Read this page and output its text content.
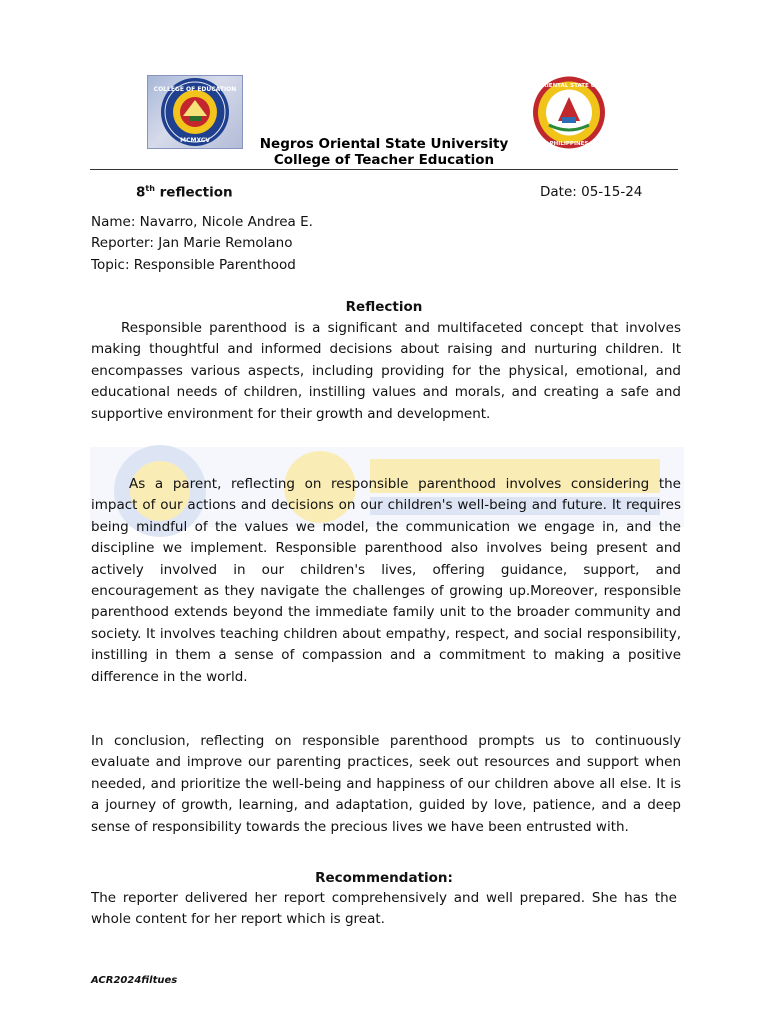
COLLEGE OF EDUCATION
MCMXCV
NEGROS ORIENTAL STATE UNIVERSITY
PHILIPPINES
Negros Oriental State University
College of Teacher Education
8th reflection	Date: 05-15-24
Name: Navarro, Nicole Andrea E.
Reporter: Jan Marie Remolano
Topic: Responsible Parenthood
Reflection

Responsible parenthood is a significant and multifaceted concept that involves making thoughtful and informed decisions about raising and nurturing children. It encompasses various aspects, including providing for the physical, emotional, and educational needs of children, instilling values and morals, and creating a safe and supportive environment for their growth and development.

As a parent, reflecting on responsible parenthood involves considering the impact of our actions and decisions on our children's well-being and future. It requires being mindful of the values we model, the communication we engage in, and the discipline we implement. Responsible parenthood also involves being present and actively involved in our children's lives, offering guidance, support, and encouragement as they navigate the challenges of growing up.Moreover, responsible parenthood extends beyond the immediate family unit to the broader community and society. It involves teaching children about empathy, respect, and social responsibility, instilling in them a sense of compassion and a commitment to making a positive difference in the world.

In conclusion, reflecting on responsible parenthood prompts us to continuously evaluate and improve our parenting practices, seek out resources and support when needed, and prioritize the well-being and happiness of our children above all else. It is a journey of growth, learning, and adaptation, guided by love, patience, and a deep sense of responsibility towards the precious lives we have been entrusted with.

Recommendation:

The reporter delivered her report comprehensively and well prepared. She has the whole content for her report which is great.

ACR2024filtues
